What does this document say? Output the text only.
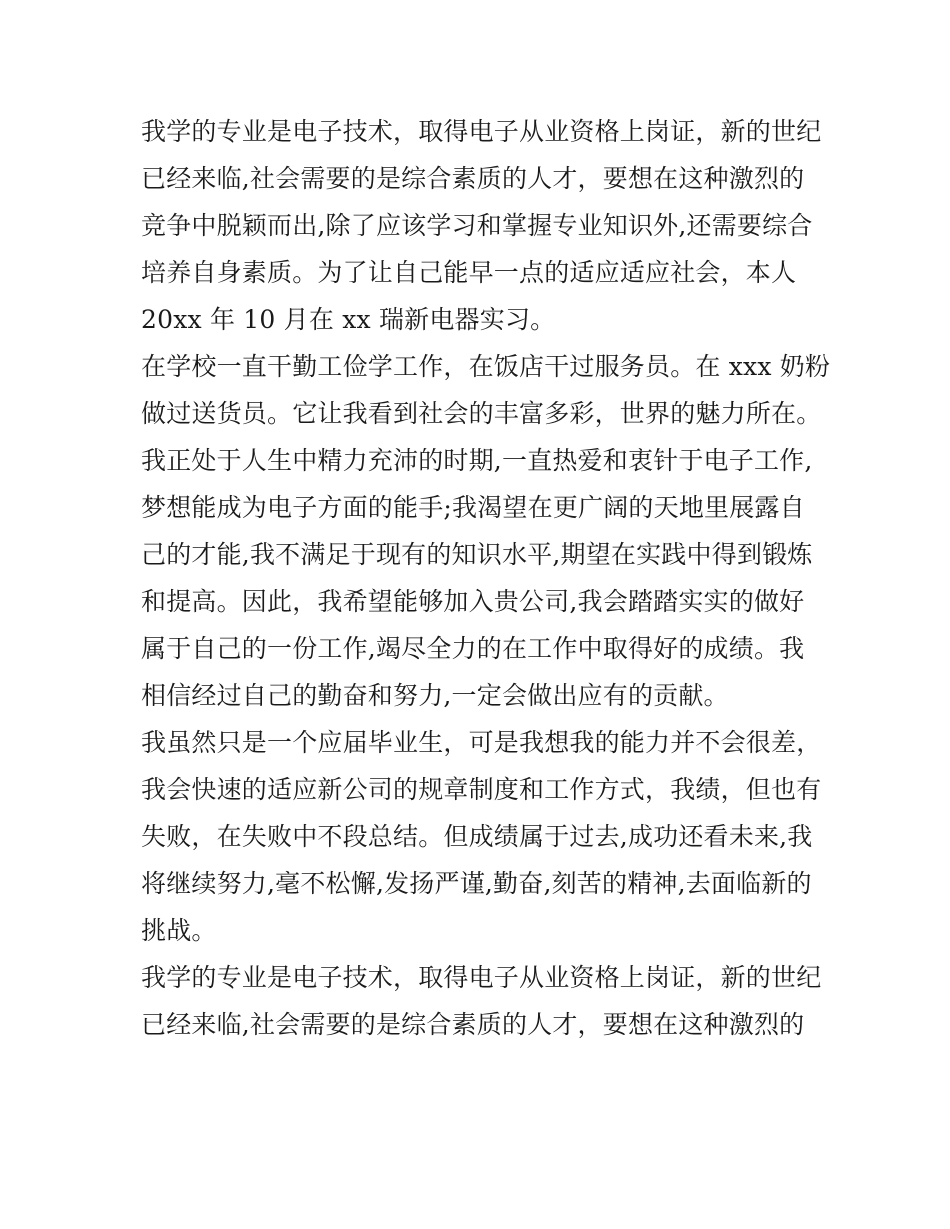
我学的专业是电子技术，取得电子从业资格上岗证，新的世纪
已经来临,社会需要的是综合素质的人才，要想在这种激烈的
竞争中脱颖而出,除了应该学习和掌握专业知识外,还需要综合
培养自身素质。为了让自己能早一点的适应适应社会，本人
20xx 年 10 月在 xx 瑞新电器实习。

在学校一直干勤工俭学工作，在饭店干过服务员。在 xxx 奶粉
做过送货员。它让我看到社会的丰富多彩，世界的魅力所在。
我正处于人生中精力充沛的时期,一直热爱和衷针于电子工作,
梦想能成为电子方面的能手;我渴望在更广阔的天地里展露自
己的才能,我不满足于现有的知识水平,期望在实践中得到锻炼
和提高。因此，我希望能够加入贵公司,我会踏踏实实的做好
属于自己的一份工作,竭尽全力的在工作中取得好的成绩。我
相信经过自己的勤奋和努力,一定会做出应有的贡献。

我虽然只是一个应届毕业生，可是我想我的能力并不会很差，
我会快速的适应新公司的规章制度和工作方式，我绩，但也有
失败，在失败中不段总结。但成绩属于过去,成功还看未来,我
将继续努力,毫不松懈,发扬严谨,勤奋,刻苦的精神,去面临新的
挑战。

我学的专业是电子技术，取得电子从业资格上岗证，新的世纪
已经来临,社会需要的是综合素质的人才，要想在这种激烈的
